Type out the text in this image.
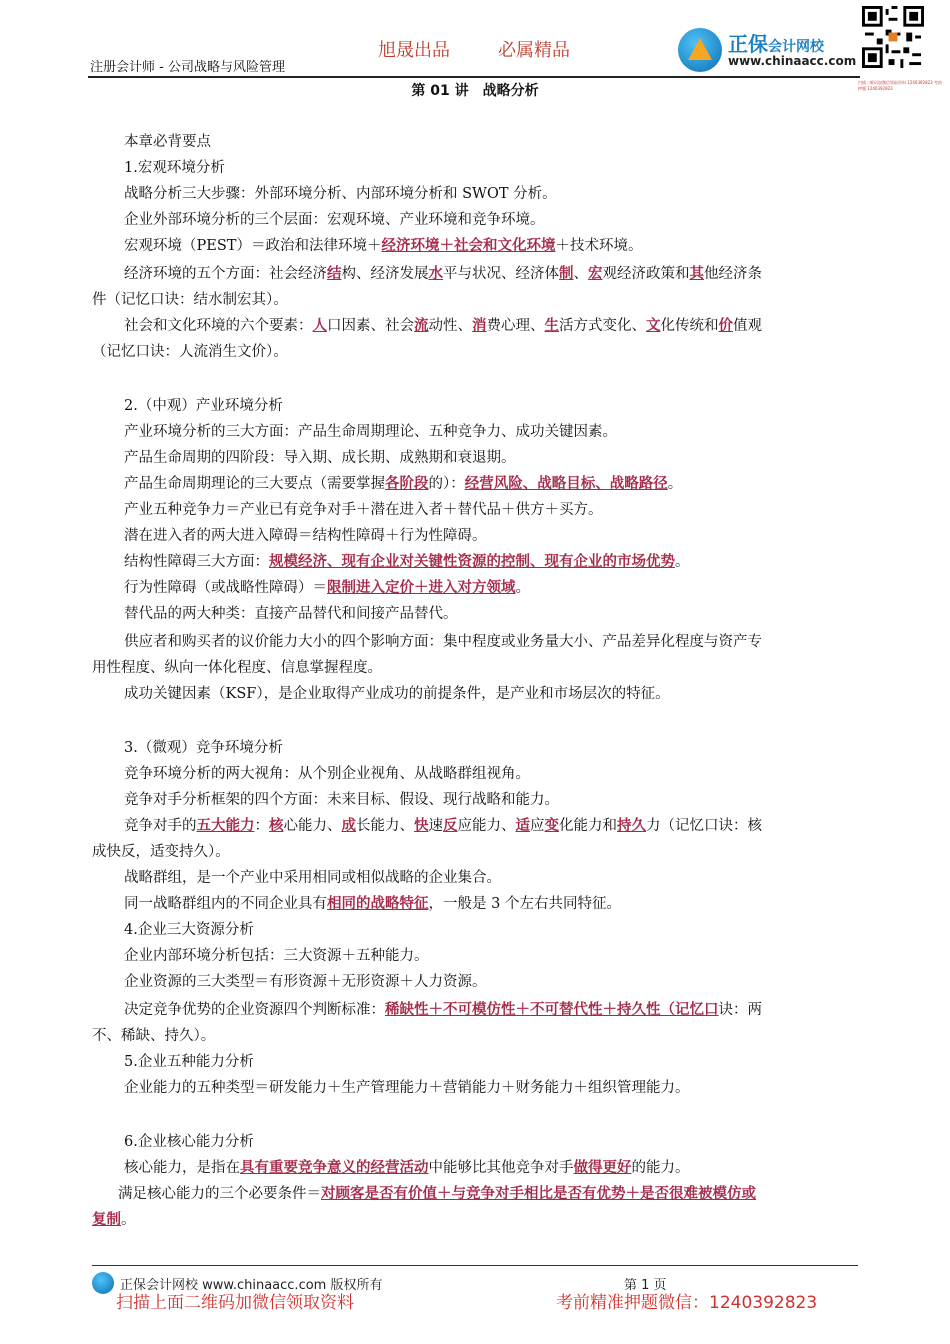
旭晟出品	必属精品
注册会计师 - 公司战略与风险管理
正保会计网校
www.chinaacc.com
扫描二维码加微信领取资料 1240392823 考前押题 1240392823
第 01 讲　战略分析
本章必背要点
1.宏观环境分析
战略分析三大步骤：外部环境分析、内部环境分析和 SWOT 分析。
企业外部环境分析的三个层面：宏观环境、产业环境和竞争环境。
宏观环境（PEST）＝政治和法律环境＋经济环境＋社会和文化环境＋技术环境。
经济环境的五个方面：社会经济结构、经济发展水平与状况、经济体制、宏观经济政策和其他经济条
件（记忆口诀：结水制宏其）。
社会和文化环境的六个要素：人口因素、社会流动性、消费心理、生活方式变化、文化传统和价值观
（记忆口诀：人流消生文价）。
2.（中观）产业环境分析
产业环境分析的三大方面：产品生命周期理论、五种竞争力、成功关键因素。
产品生命周期的四阶段：导入期、成长期、成熟期和衰退期。
产品生命周期理论的三大要点（需要掌握各阶段的）：经营风险、战略目标、战略路径。
产业五种竞争力＝产业已有竞争对手＋潜在进入者＋替代品＋供方＋买方。
潜在进入者的两大进入障碍＝结构性障碍＋行为性障碍。
结构性障碍三大方面：规模经济、现有企业对关键性资源的控制、现有企业的市场优势。
行为性障碍（或战略性障碍）＝限制进入定价＋进入对方领域。
替代品的两大种类：直接产品替代和间接产品替代。
供应者和购买者的议价能力大小的四个影响方面：集中程度或业务量大小、产品差异化程度与资产专
用性程度、纵向一体化程度、信息掌握程度。
成功关键因素（KSF），是企业取得产业成功的前提条件，是产业和市场层次的特征。
3.（微观）竞争环境分析
竞争环境分析的两大视角：从个别企业视角、从战略群组视角。
竞争对手分析框架的四个方面：未来目标、假设、现行战略和能力。
竞争对手的五大能力：核心能力、成长能力、快速反应能力、适应变化能力和持久力（记忆口诀：核
成快反，适变持久）。
战略群组，是一个产业中采用相同或相似战略的企业集合。
同一战略群组内的不同企业具有相同的战略特征，一般是 3 个左右共同特征。
4.企业三大资源分析
企业内部环境分析包括：三大资源＋五种能力。
企业资源的三大类型＝有形资源＋无形资源＋人力资源。
决定竞争优势的企业资源四个判断标准：稀缺性＋不可模仿性＋不可替代性＋持久性（记忆口诀：两
不、稀缺、持久）。
5.企业五种能力分析
企业能力的五种类型＝研发能力＋生产管理能力＋营销能力＋财务能力＋组织管理能力。
6.企业核心能力分析
核心能力，是指在具有重要竞争意义的经营活动中能够比其他竞争对手做得更好的能力。
满足核心能力的三个必要条件＝对顾客是否有价值＋与竞争对手相比是否有优势＋是否很难被模仿或
复制。
正保会计网校 www.chinaacc.com 版权所有	第 1 页
扫描上面二维码加微信领取资料	考前精准押题微信：1240392823
